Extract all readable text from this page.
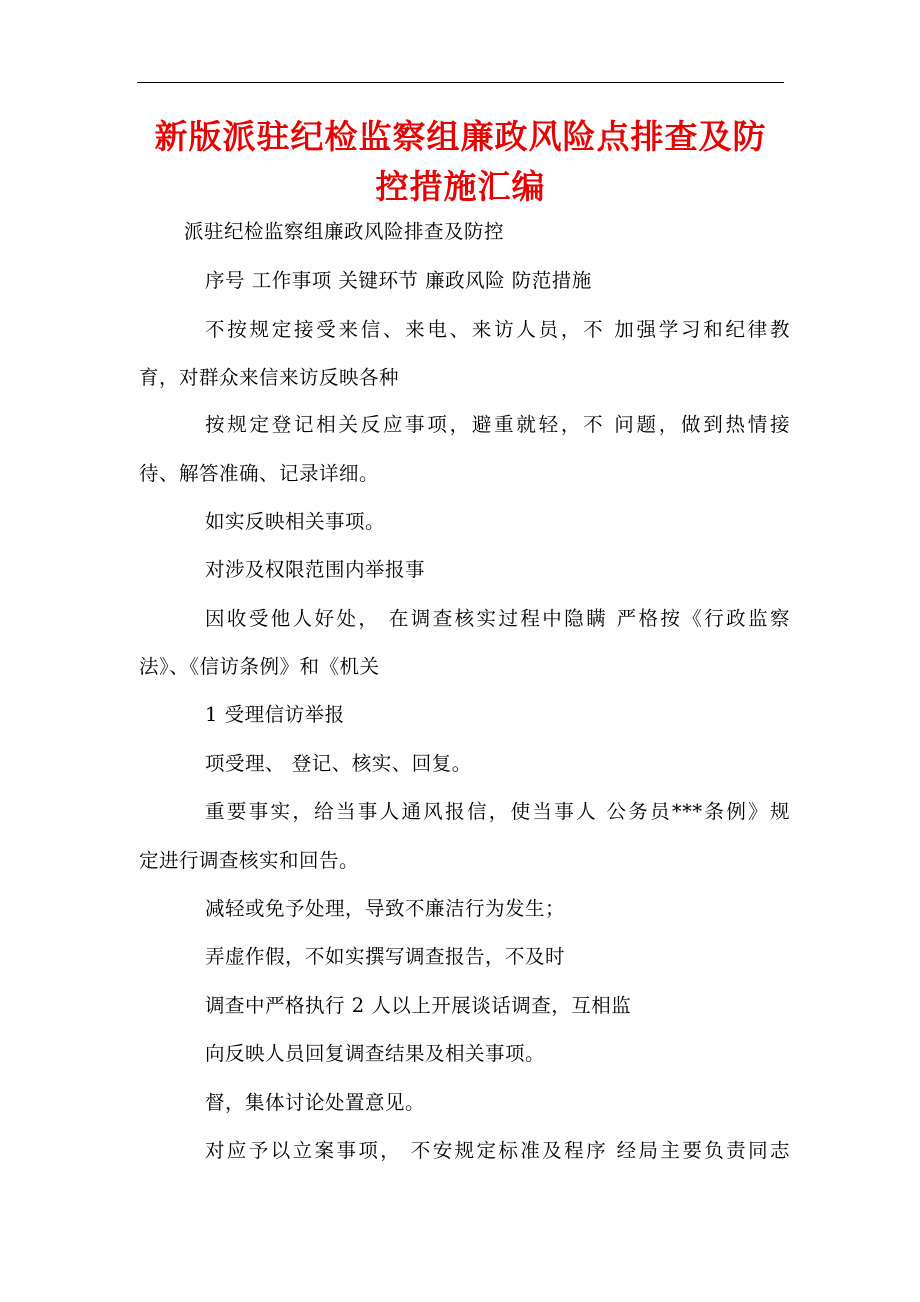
新版派驻纪检监察组廉政风险点排查及防
控措施汇编
派驻纪检监察组廉政风险排查及防控
序号 工作事项 关键环节 廉政风险 防范措施
不按规定接受来信、来电、来访人员，不 加强学习和纪律教
育，对群众来信来访反映各种
按规定登记相关反应事项，避重就轻，不 问题，做到热情接
待、解答准确、记录详细。
如实反映相关事项。
对涉及权限范围内举报事
因收受他人好处， 在调查核实过程中隐瞒 严格按《行政监察
法》、《信访条例》和《机关
1 受理信访举报
项受理、 登记、核实、回复。
重要事实，给当事人通风报信，使当事人 公务员***条例》规
定进行调查核实和回告。
减轻或免予处理，导致不廉洁行为发生；
弄虚作假，不如实撰写调查报告，不及时
调查中严格执行 2 人以上开展谈话调查，互相监
向反映人员回复调查结果及相关事项。
督，集体讨论处置意见。
对应予以立案事项， 不安规定标准及程序 经局主要负责同志
